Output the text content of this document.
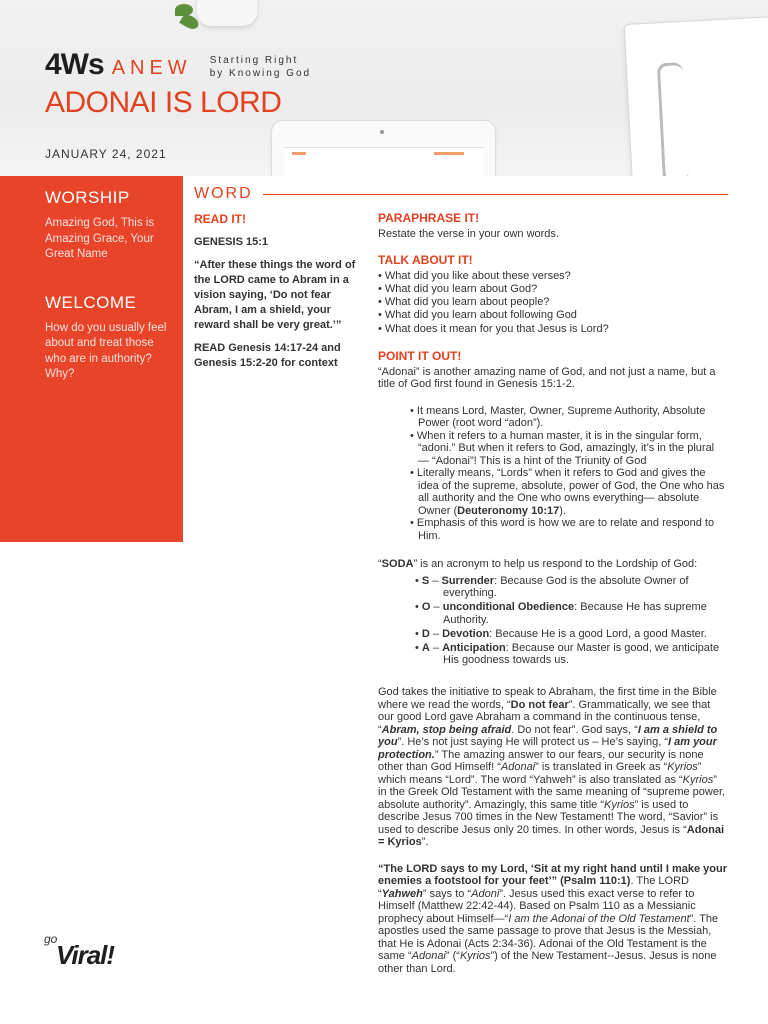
4Ws ANEW Starting Right
by Knowing God
ADONAI IS LORD
JANUARY 24, 2021
WORSHIP

Amazing God, This is Amazing Grace, Your Great Name

WELCOME

How do you usually feel about and treat those who are in authority? Why?

WORD
READ IT!
GENESIS 15:1
“After these things the word of the LORD came to Abram in a vision saying, ‘Do not fear Abram, I am a shield, your reward shall be very great.’”
READ Genesis 14:17-24 and Genesis 15:2-20 for context
PARAPHRASE IT!

Restate the verse in your own words.

TALK ABOUT IT!
• What did you like about these verses?
• What did you learn about God?
• What did you learn about people?
• What did you learn about following God
• What does it mean for you that Jesus is Lord?
POINT IT OUT!

“Adonai” is another amazing name of God, and not just a name, but a title of God first found in Genesis 15:1-2.

• It means Lord, Master, Owner, Supreme Authority, Absolute Power (root word “adon”).
• When it refers to a human master, it is in the singular form, “adoni.” But when it refers to God, amazingly, it’s in the plural — “Adonai”! This is a hint of the Triunity of God
• Literally means, “Lords” when it refers to God and gives the idea of the supreme, absolute, power of God, the One who has all authority and the One who owns everything— absolute Owner (Deuteronomy 10:17).
• Emphasis of this word is how we are to relate and respond to Him.

“SODA” is an acronym to help us respond to the Lordship of God:

• S – Surrender: Because God is the absolute Owner of everything.
• O – unconditional Obedience: Because He has supreme Authority.
• D – Devotion: Because He is a good Lord, a good Master.
• A – Anticipation: Because our Master is good, we anticipate His goodness towards us.

God takes the initiative to speak to Abraham, the first time in the Bible where we read the words, “Do not fear”. Grammatically, we see that our good Lord gave Abraham a command in the continuous tense, “Abram, stop being afraid. Do not fear”. God says, “I am a shield to you”. He’s not just saying He will protect us – He’s saying, “I am your protection.” The amazing answer to our fears, our security is none other than God Himself! “Adonai” is translated in Greek as “Kyrios” which means “Lord”. The word “Yahweh” is also translated as “Kyrios” in the Greek Old Testament with the same meaning of “supreme power, absolute authority”. Amazingly, this same title “Kyrios” is used to describe Jesus 700 times in the New Testament! The word, “Savior” is used to describe Jesus only 20 times. In other words, Jesus is “Adonai = Kyrios”.

“The LORD says to my Lord, ‘Sit at my right hand until I make your enemies a footstool for your feet’” (Psalm 110:1). The LORD “Yahweh” says to “Adoni”. Jesus used this exact verse to refer to Himself (Matthew 22:42-44). Based on Psalm 110 as a Messianic prophecy about Himself—“I am the Adonai of the Old Testament”. The apostles used the same passage to prove that Jesus is the Messiah, that He is Adonai (Acts 2:34-36). Adonai of the Old Testament is the same “Adonai” (“Kyrios”) of the New Testament--Jesus. Jesus is none other than Lord.

go
Viral!
